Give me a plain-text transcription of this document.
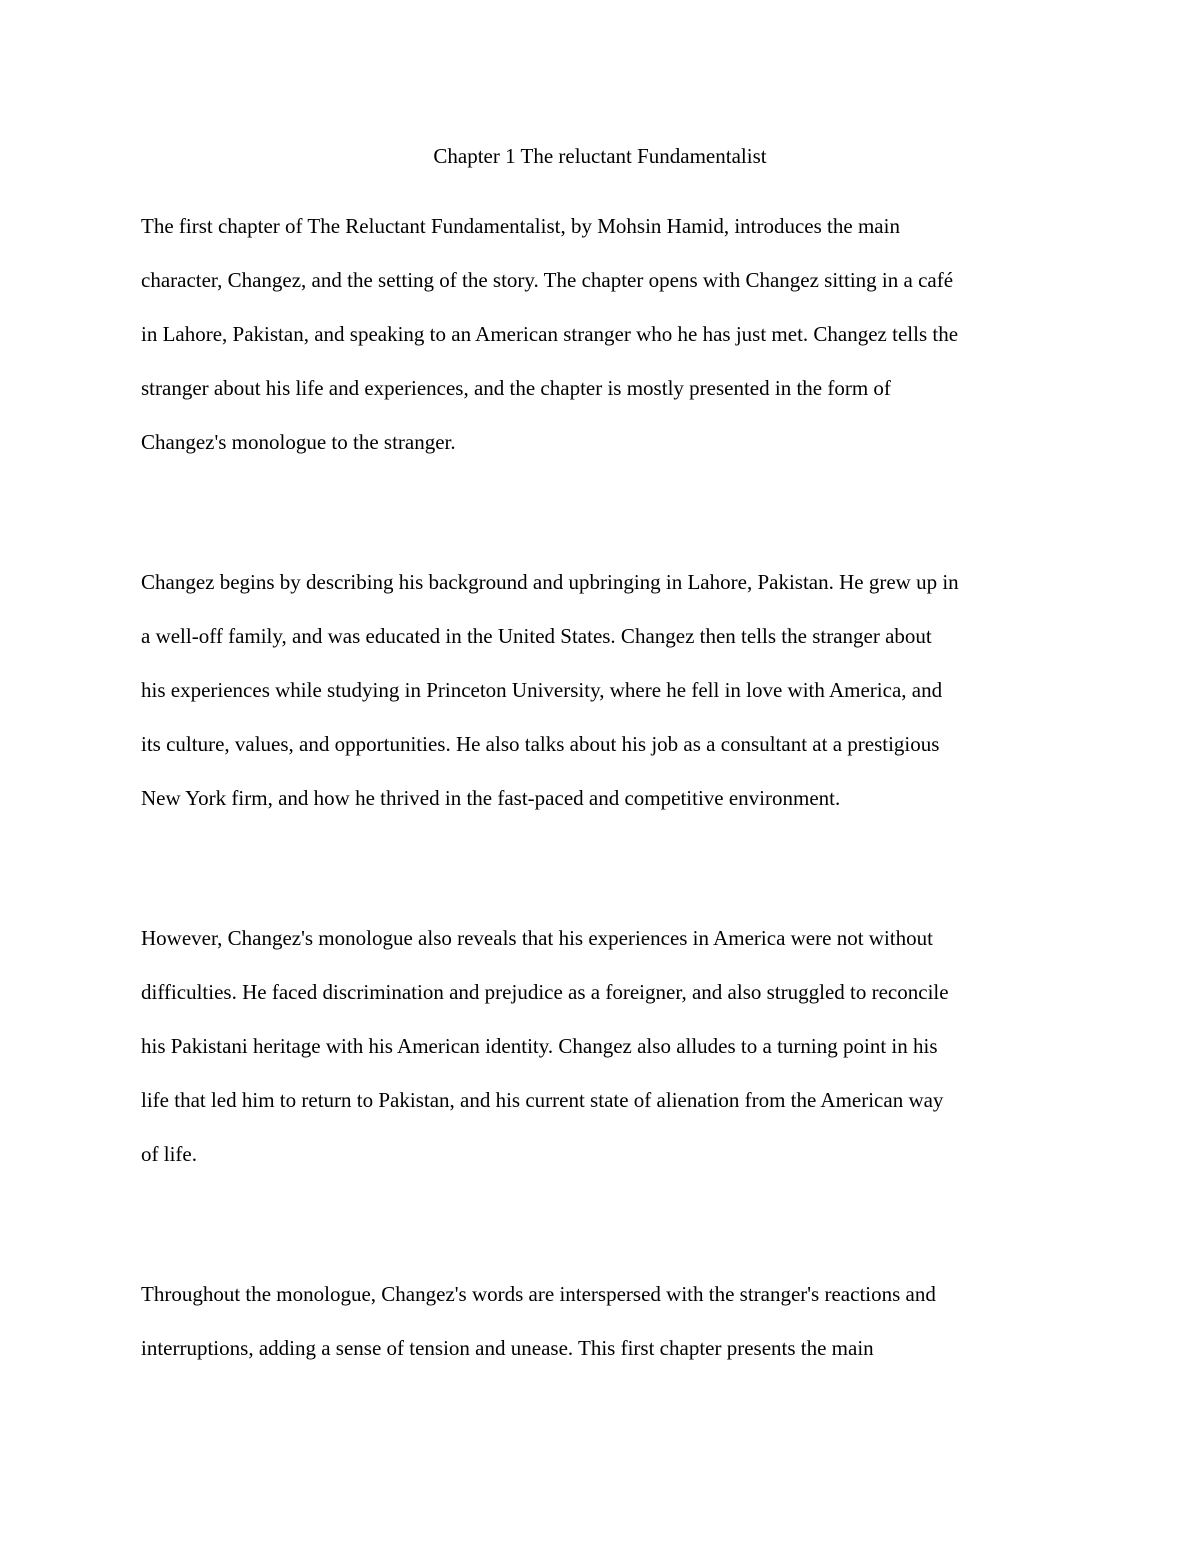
Chapter 1 The reluctant Fundamentalist
The first chapter of The Reluctant Fundamentalist, by Mohsin Hamid, introduces the main
character, Changez, and the setting of the story. The chapter opens with Changez sitting in a café
in Lahore, Pakistan, and speaking to an American stranger who he has just met. Changez tells the
stranger about his life and experiences, and the chapter is mostly presented in the form of
Changez's monologue to the stranger.
Changez begins by describing his background and upbringing in Lahore, Pakistan. He grew up in
a well-off family, and was educated in the United States. Changez then tells the stranger about
his experiences while studying in Princeton University, where he fell in love with America, and
its culture, values, and opportunities. He also talks about his job as a consultant at a prestigious
New York firm, and how he thrived in the fast-paced and competitive environment.
However, Changez's monologue also reveals that his experiences in America were not without
difficulties. He faced discrimination and prejudice as a foreigner, and also struggled to reconcile
his Pakistani heritage with his American identity. Changez also alludes to a turning point in his
life that led him to return to Pakistan, and his current state of alienation from the American way
of life.
Throughout the monologue, Changez's words are interspersed with the stranger's reactions and
interruptions, adding a sense of tension and unease. This first chapter presents the main
